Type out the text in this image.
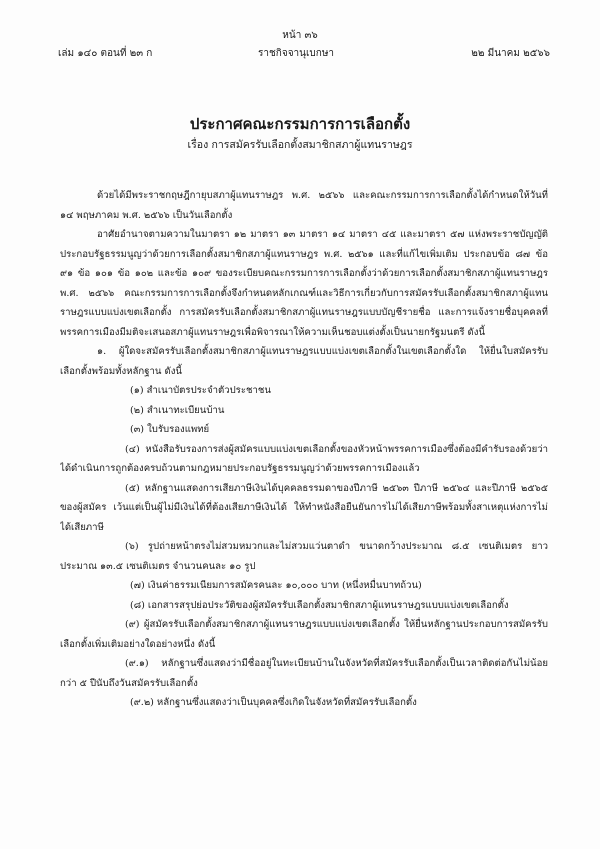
หน้า ๓๖
เล่ม ๑๔๐ ตอนที่ ๒๓ ก	ราชกิจจานุเบกษา	๒๒ มีนาคม ๒๕๖๖
ประกาศคณะกรรมการการเลือกตั้ง
เรื่อง การสมัครรับเลือกตั้งสมาชิกสภาผู้แทนราษฎร

ด้วยได้มีพระราชกฤษฎีกายุบสภาผู้แทนราษฎร พ.ศ. ๒๕๖๖ และคณะกรรมการการเลือกตั้งได้กำหนดให้วันที่ ๑๔ พฤษภาคม พ.ศ. ๒๕๖๖ เป็นวันเลือกตั้ง

อาศัยอำนาจตามความในมาตรา ๑๒ มาตรา ๑๓ มาตรา ๑๔ มาตรา ๔๕ และมาตรา ๕๗ แห่งพระราชบัญญัติประกอบรัฐธรรมนูญว่าด้วยการเลือกตั้งสมาชิกสภาผู้แทนราษฎร พ.ศ. ๒๕๖๑ และที่แก้ไขเพิ่มเติม ประกอบข้อ ๘๗ ข้อ ๙๑ ข้อ ๑๐๑ ข้อ ๑๐๒ และข้อ ๑๐๙ ของระเบียบคณะกรรมการการเลือกตั้งว่าด้วยการเลือกตั้งสมาชิกสภาผู้แทนราษฎร พ.ศ. ๒๕๖๖ คณะกรรมการการเลือกตั้งจึงกำหนดหลักเกณฑ์และวิธีการเกี่ยวกับการสมัครรับเลือกตั้งสมาชิกสภาผู้แทนราษฎรแบบแบ่งเขตเลือกตั้ง การสมัครรับเลือกตั้งสมาชิกสภาผู้แทนราษฎรแบบบัญชีรายชื่อ และการแจ้งรายชื่อบุคคลที่พรรคการเมืองมีมติจะเสนอสภาผู้แทนราษฎรเพื่อพิจารณาให้ความเห็นชอบแต่งตั้งเป็นนายกรัฐมนตรี ดังนี้

๑. ผู้ใดจะสมัครรับเลือกตั้งสมาชิกสภาผู้แทนราษฎรแบบแบ่งเขตเลือกตั้งในเขตเลือกตั้งใด ให้ยื่นใบสมัครรับเลือกตั้งพร้อมทั้งหลักฐาน ดังนี้

(๑) สำเนาบัตรประจำตัวประชาชน

(๒) สำเนาทะเบียนบ้าน

(๓) ใบรับรองแพทย์

(๔) หนังสือรับรองการส่งผู้สมัครแบบแบ่งเขตเลือกตั้งของหัวหน้าพรรคการเมืองซึ่งต้องมีคำรับรองด้วยว่าได้ดำเนินการถูกต้องครบถ้วนตามกฎหมายประกอบรัฐธรรมนูญว่าด้วยพรรคการเมืองแล้ว

(๕) หลักฐานแสดงการเสียภาษีเงินได้บุคคลธรรมดาของปีภาษี ๒๕๖๓ ปีภาษี ๒๕๖๔ และปีภาษี ๒๕๖๕ ของผู้สมัคร เว้นแต่เป็นผู้ไม่มีเงินได้ที่ต้องเสียภาษีเงินได้ ให้ทำหนังสือยืนยันการไม่ได้เสียภาษีพร้อมทั้งสาเหตุแห่งการไม่ได้เสียภาษี

(๖) รูปถ่ายหน้าตรงไม่สวมหมวกและไม่สวมแว่นตาดำ ขนาดกว้างประมาณ ๘.๕ เซนติเมตร ยาวประมาณ ๑๓.๕ เซนติเมตร จำนวนคนละ ๑๐ รูป

(๗) เงินค่าธรรมเนียมการสมัครคนละ ๑๐,๐๐๐ บาท (หนึ่งหมื่นบาทถ้วน)

(๘) เอกสารสรุปย่อประวัติของผู้สมัครรับเลือกตั้งสมาชิกสภาผู้แทนราษฎรแบบแบ่งเขตเลือกตั้ง

(๙) ผู้สมัครรับเลือกตั้งสมาชิกสภาผู้แทนราษฎรแบบแบ่งเขตเลือกตั้ง ให้ยื่นหลักฐานประกอบการสมัครรับเลือกตั้งเพิ่มเติมอย่างใดอย่างหนึ่ง ดังนี้

(๙.๑) หลักฐานซึ่งแสดงว่ามีชื่ออยู่ในทะเบียนบ้านในจังหวัดที่สมัครรับเลือกตั้งเป็นเวลาติดต่อกันไม่น้อยกว่า ๕ ปีนับถึงวันสมัครรับเลือกตั้ง

(๙.๒) หลักฐานซึ่งแสดงว่าเป็นบุคคลซึ่งเกิดในจังหวัดที่สมัครรับเลือกตั้ง
